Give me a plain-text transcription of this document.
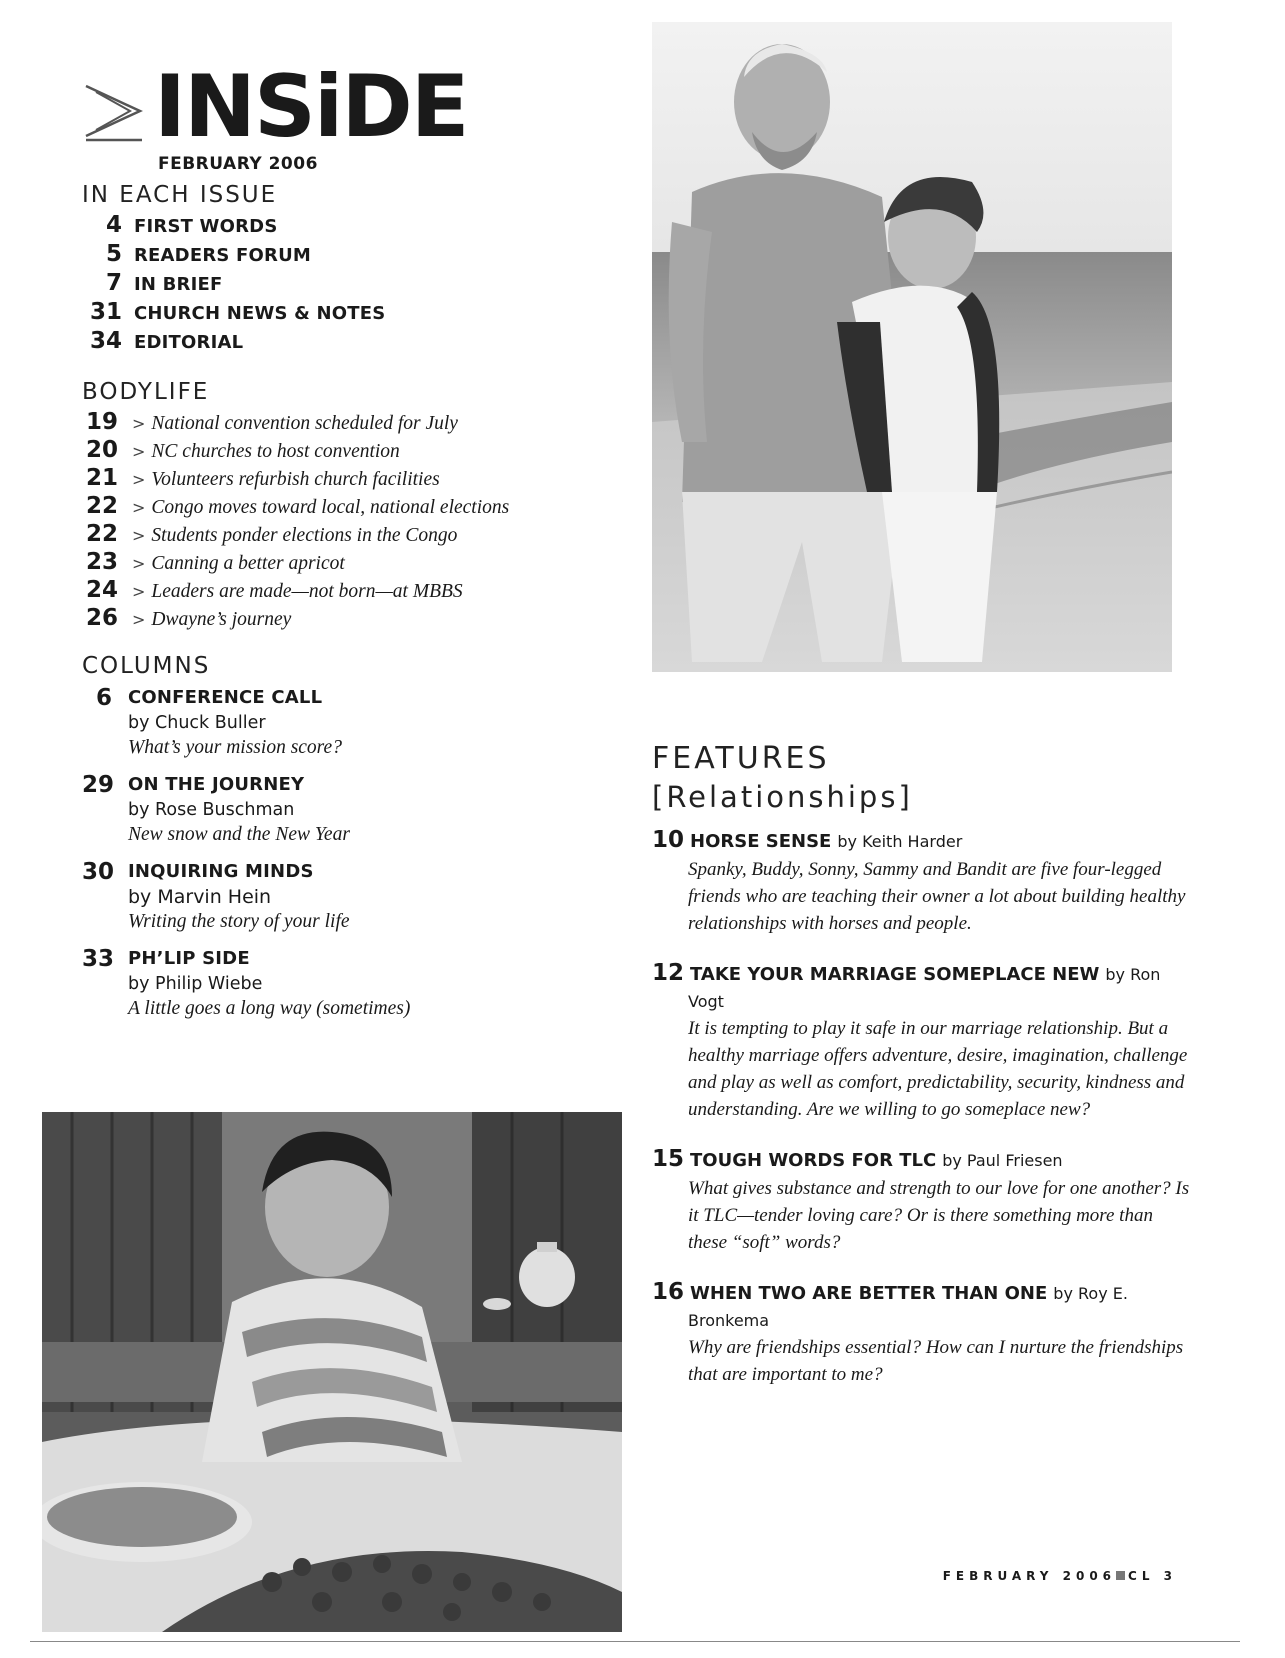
INSiDE
FEBRUARY 2006
IN EACH ISSUE
4 FIRST WORDS
5 READERS FORUM
7 IN BRIEF
31 CHURCH NEWS & NOTES
34 EDITORIAL
BODYLIFE
19 > National convention scheduled for July
20 > NC churches to host convention
21 > Volunteers refurbish church facilities
22 > Congo moves toward local, national elections
22 > Students ponder elections in the Congo
23 > Canning a better apricot
24 > Leaders are made—not born—at MBBS
26 > Dwayne’s journey
COLUMNS
6 CONFERENCE CALL
by Chuck Buller
What’s your mission score?
29 ON THE JOURNEY
by Rose Buschman
New snow and the New Year
30 INQUIRING MINDS
by Marvin Hein
Writing the story of your life
33 PH’LIP SIDE
by Philip Wiebe
A little goes a long way (sometimes)
FEATURES
[Relationships]
10 HORSE SENSE by Keith Harder
Spanky, Buddy, Sonny, Sammy and Bandit are five four-legged friends who are teaching their owner a lot about building healthy relationships with horses and people.
12 TAKE YOUR MARRIAGE SOMEPLACE NEW by Ron
Vogt
It is tempting to play it safe in our marriage relationship. But a healthy marriage offers adventure, desire, imagination, challenge and play as well as comfort, predictability, security, kindness and understanding. Are we willing to go someplace new?
15 TOUGH WORDS FOR TLC by Paul Friesen
What gives substance and strength to our love for one another? Is it TLC—tender loving care? Or is there something more than these “soft” words?
16 WHEN TWO ARE BETTER THAN ONE by Roy E.
Bronkema
Why are friendships essential? How can I nurture the friendships that are important to me?
FEBRUARY 2006 CL 3
